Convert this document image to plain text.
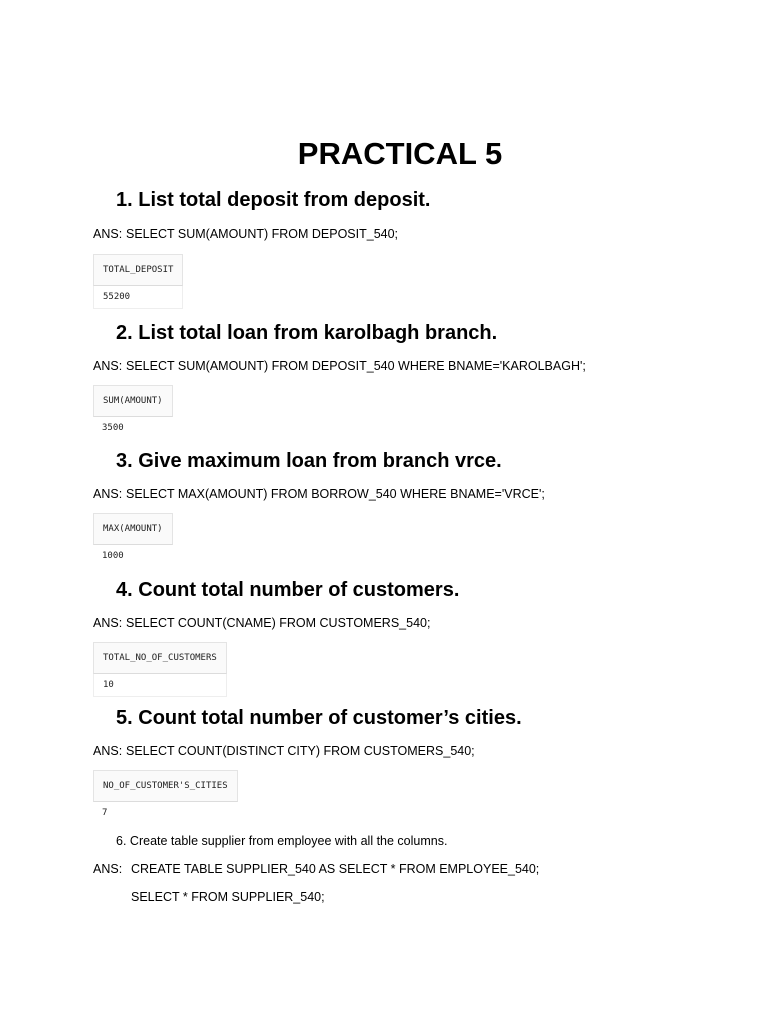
PRACTICAL 5
1. List total deposit from deposit.
ANS: SELECT SUM(AMOUNT) FROM DEPOSIT_540;
TOTAL_DEPOSIT
55200
2. List total loan from karolbagh branch.
ANS: SELECT SUM(AMOUNT) FROM DEPOSIT_540 WHERE BNAME='KAROLBAGH';
SUM(AMOUNT)
3500
3. Give maximum loan from branch vrce.
ANS: SELECT MAX(AMOUNT) FROM BORROW_540 WHERE BNAME='VRCE';
MAX(AMOUNT)
1000
4. Count total number of customers.
ANS: SELECT COUNT(CNAME) FROM CUSTOMERS_540;
TOTAL_NO_OF_CUSTOMERS
10
5. Count total number of customer’s cities.
ANS: SELECT COUNT(DISTINCT CITY) FROM CUSTOMERS_540;
NO_OF_CUSTOMER'S_CITIES
7
6. Create table supplier from employee with all the columns.
ANS: CREATE TABLE SUPPLIER_540 AS SELECT * FROM EMPLOYEE_540;
SELECT * FROM SUPPLIER_540;
